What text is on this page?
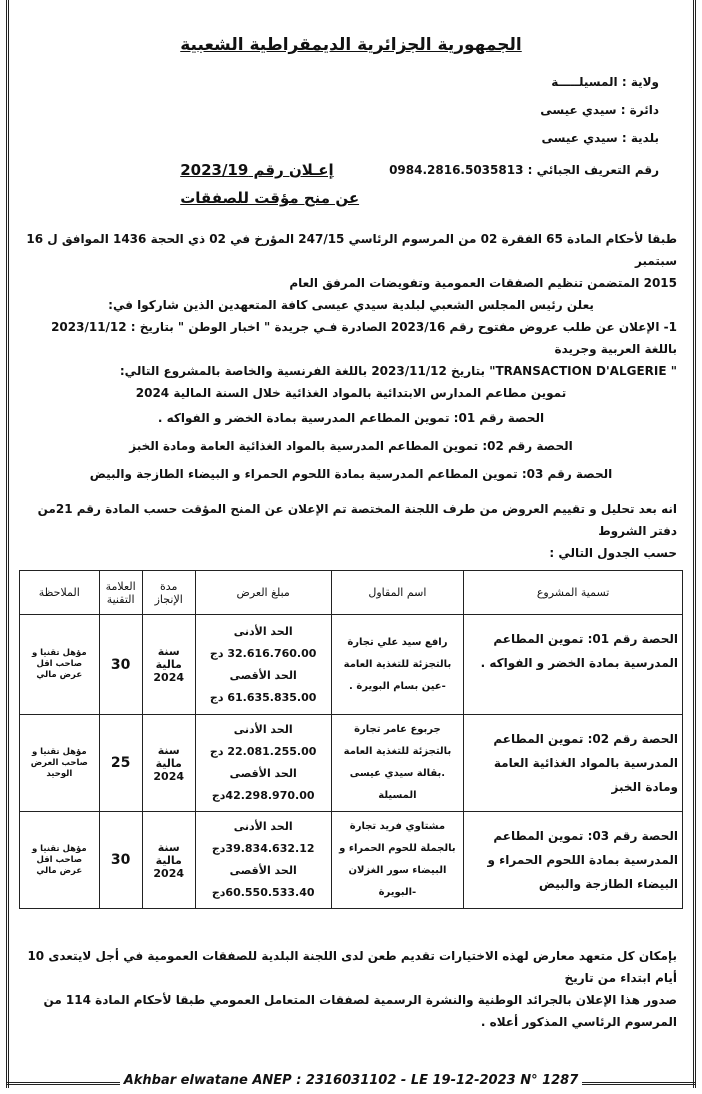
الجمهورية الجزائرية الديمقراطية الشعبية
ولاية : المسيلـــــة
دائرة : سيدي عيسى
بلدية : سيدي عيسى
رقم التعريف الجبائي : 0984.2816.5035813
إعـلان رقم 2023/19
عن منح مؤقت للصفقات
طبقا لأحكام المادة 65 الفقرة 02 من المرسوم الرئاسي 247/15 المؤرخ في 02 ذي الحجة 1436 الموافق ل 16 سبتمبر
2015 المتضمن تنظيم الصفقات العمومية وتفويضات المرفق العام
يعلن رئيس المجلس الشعبي لبلدية سيدي عيسى كافة المتعهدين الذين شاركوا في:
1- الإعلان عن طلب عروض مفتوح رقم 2023/16 الصادرة فـي جريدة " اخبار الوطن " بتاريخ : 2023/11/12 باللغة العربية وجريدة
" TRANSACTION D'ALGERIE" بتاريخ 2023/11/12 باللغة الفرنسية والخاصة بالمشروع التالي:
تموين مطاعم المدارس الابتدائية بالمواد الغذائية خلال السنة المالية 2024
الحصة رقم 01: تموين المطاعم المدرسية بمادة الخضر و الفواكه .
الحصة رقم 02: تموين المطاعم المدرسية بالمواد الغذائية العامة ومادة الخبز
الحصة رقم 03: تموين المطاعم المدرسية بمادة اللحوم الحمراء و البيضاء الطازجة والبيض
انه بعد تحليل و تقييم العروض من طرف اللجنة المختصة تم الإعلان عن المنح المؤقت حسب المادة رقم 21من دفتر الشروط
حسب الجدول التالي :
تسمية المشروع	اسم المقاول	مبلغ العرض	مدة الإنجاز	العلامة التقنية	الملاحظة
الحصة رقم 01: تموين المطاعم المدرسية بمادة الخضر و الفواكه .	رافع سيد علي تجارة بالتجزئة للتغذية العامة -عين بسام البويرة .	الحد الأدنى
32.616.760.00 دج
الحد الأقصى
61.635.835.00 دج	سنة مالية 2024	30	مؤهل تقنيا و صاحب اقل عرض مالي
الحصة رقم 02: تموين المطاعم المدرسية بالمواد الغذائية العامة ومادة الخبز	جربوع عامر تجارة بالتجزئة للتغذية العامة .بقالة سيدي عيسى المسيلة	الحد الأدنى
22.081.255.00 دج
الحد الأقصى
42.298.970.00دج	سنة مالية 2024	25	مؤهل تقنيا و صاحب العرض الوحيد
الحصة رقم 03: تموين المطاعم المدرسية بمادة اللحوم الحمراء و البيضاء الطازجة والبيض	مشتاوي فريد تجارة بالجملة للحوم الحمراء و البيضاء سور الغزلان -البويرة	الحد الأدنى
39.834.632.12دج
الحد الأقصى
60.550.533.40دج	سنة مالية 2024	30	مؤهل تقنيا و صاحب اقل عرض مالي
بإمكان كل متعهد معارض لهذه الاختيارات تقديم طعن لدى اللجنة البلدية للصفقات العمومية في أجل لايتعدى 10 أيام ابتداء من تاريخ
صدور هذا الإعلان بالجرائد الوطنية والنشرة الرسمية لصفقات المتعامل العمومي طبقا لأحكام المادة 114 من المرسوم الرئاسي المذكور أعلاه .
Akhbar elwatane ANEP : 2316031102 - LE 19-12-2023 N° 1287
